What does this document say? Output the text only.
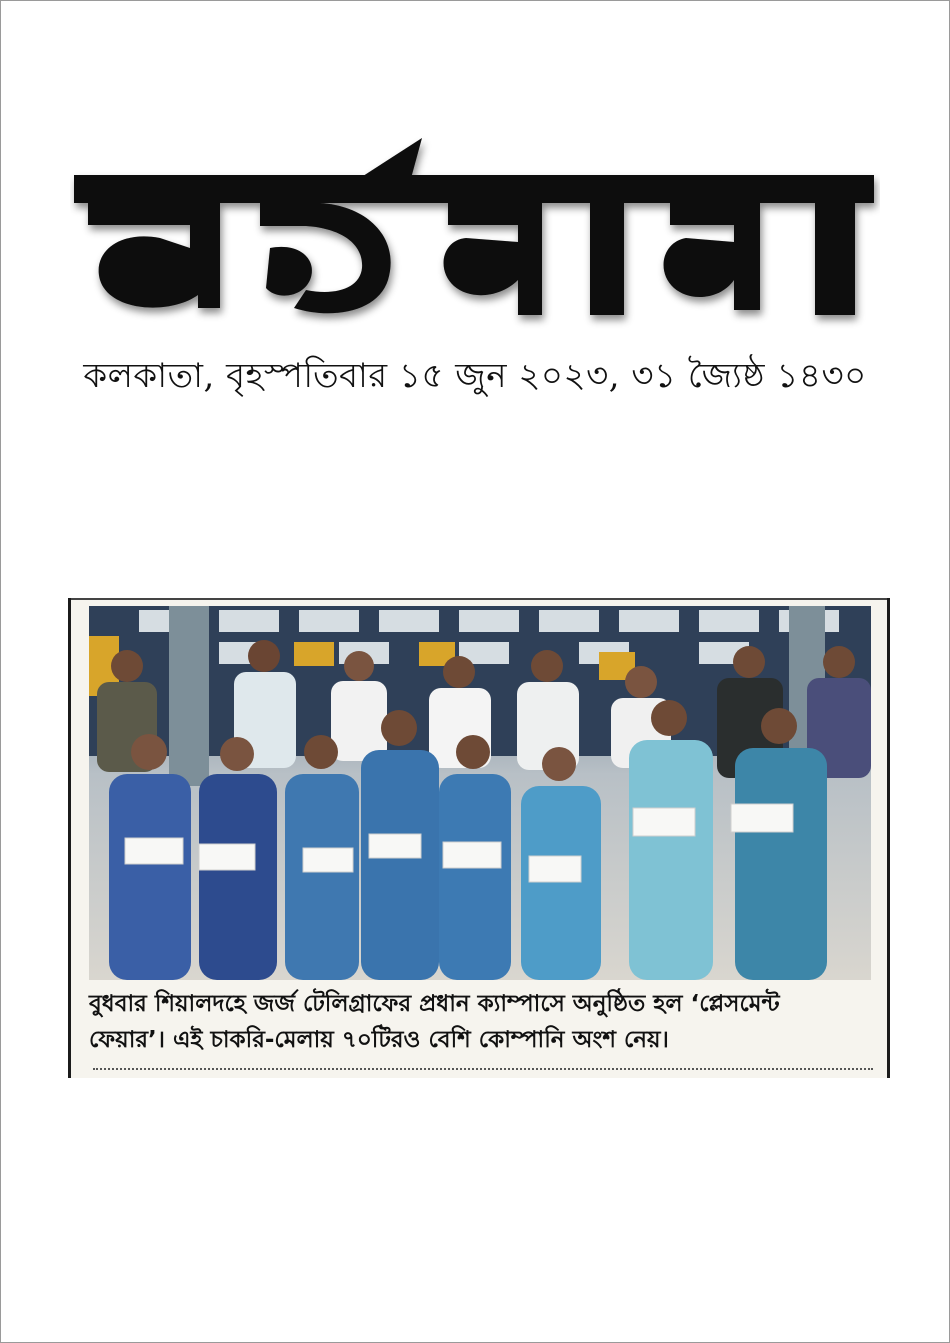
কলকাতা, বৃহস্পতিবার ১৫ জুন ২০২৩, ৩১ জ্যৈষ্ঠ ১৪৩০
বুধবার শিয়ালদহে জর্জ টেলিগ্রাফের প্রধান ক্যাম্পাসে অনুষ্ঠিত হল ‘প্লেসমেন্ট
ফেয়ার’। এই চাকরি-মেলায় ৭০টিরও বেশি কোম্পানি অংশ নেয়।
